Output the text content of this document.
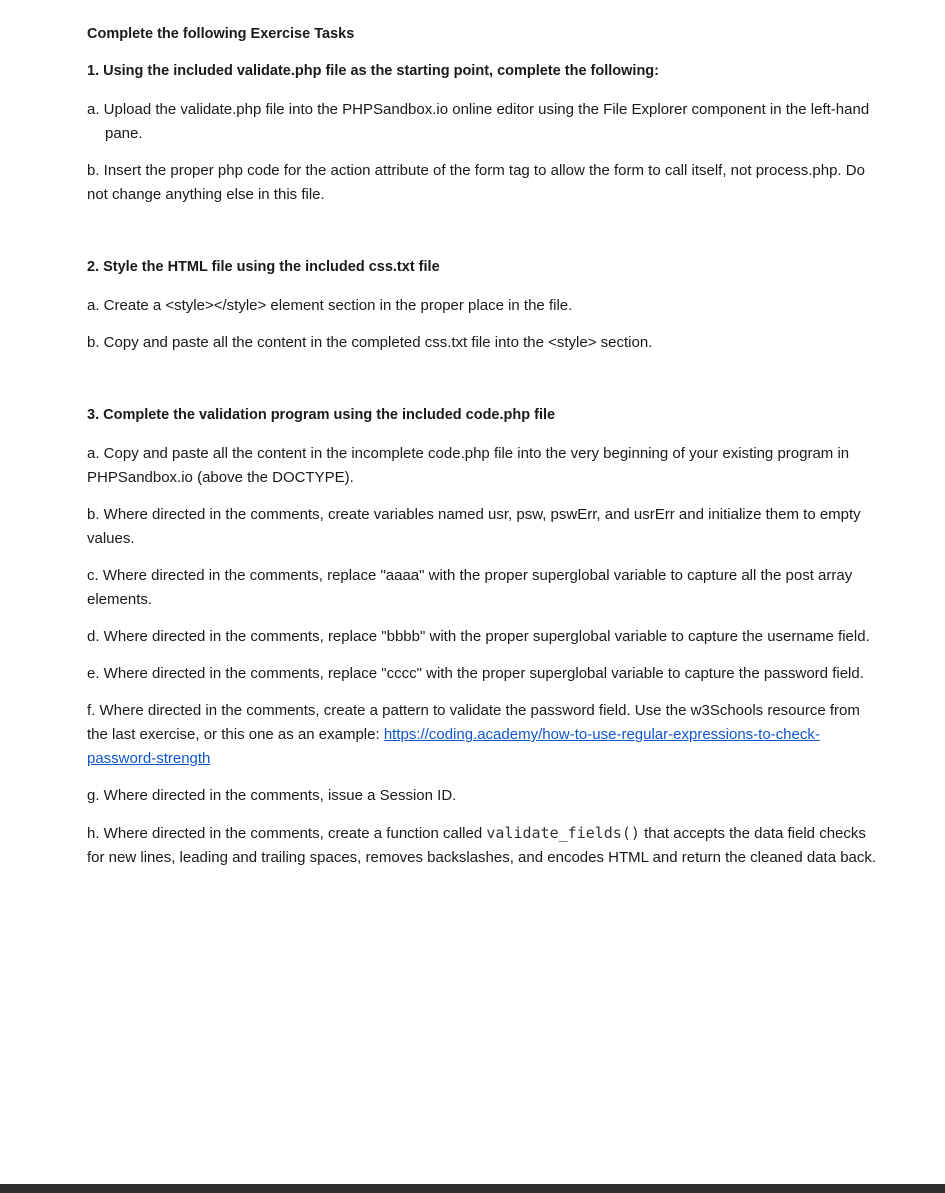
Complete the following Exercise Tasks
1. Using the included validate.php file as the starting point, complete the following:

a. Upload the validate.php file into the PHPSandbox.io online editor using the File Explorer component in the left-hand pane.

b. Insert the proper php code for the action attribute of the form tag to allow the form to call itself, not process.php. Do not change anything else in this file.

2. Style the HTML file using the included css.txt file

a. Create a <style></style> element section in the proper place in the file.

b. Copy and paste all the content in the completed css.txt file into the <style> section.

3. Complete the validation program using the included code.php file

a. Copy and paste all the content in the incomplete code.php file into the very beginning of your existing program in PHPSandbox.io (above the DOCTYPE).

b. Where directed in the comments, create variables named usr, psw, pswErr, and usrErr and initialize them to empty values.

c. Where directed in the comments, replace "aaaa" with the proper superglobal variable to capture all the post array elements.

d. Where directed in the comments, replace "bbbb" with the proper superglobal variable to capture the username field.

e. Where directed in the comments, replace "cccc" with the proper superglobal variable to capture the password field.

f. Where directed in the comments, create a pattern to validate the password field. Use the w3Schools resource from the last exercise, or this one as an example: https://coding.academy/how-to-use-regular-expressions-to-check-password-strength

g. Where directed in the comments, issue a Session ID.

h. Where directed in the comments, create a function called validate_fields() that accepts the data field checks for new lines, leading and trailing spaces, removes backslashes, and encodes HTML and return the cleaned data back.
